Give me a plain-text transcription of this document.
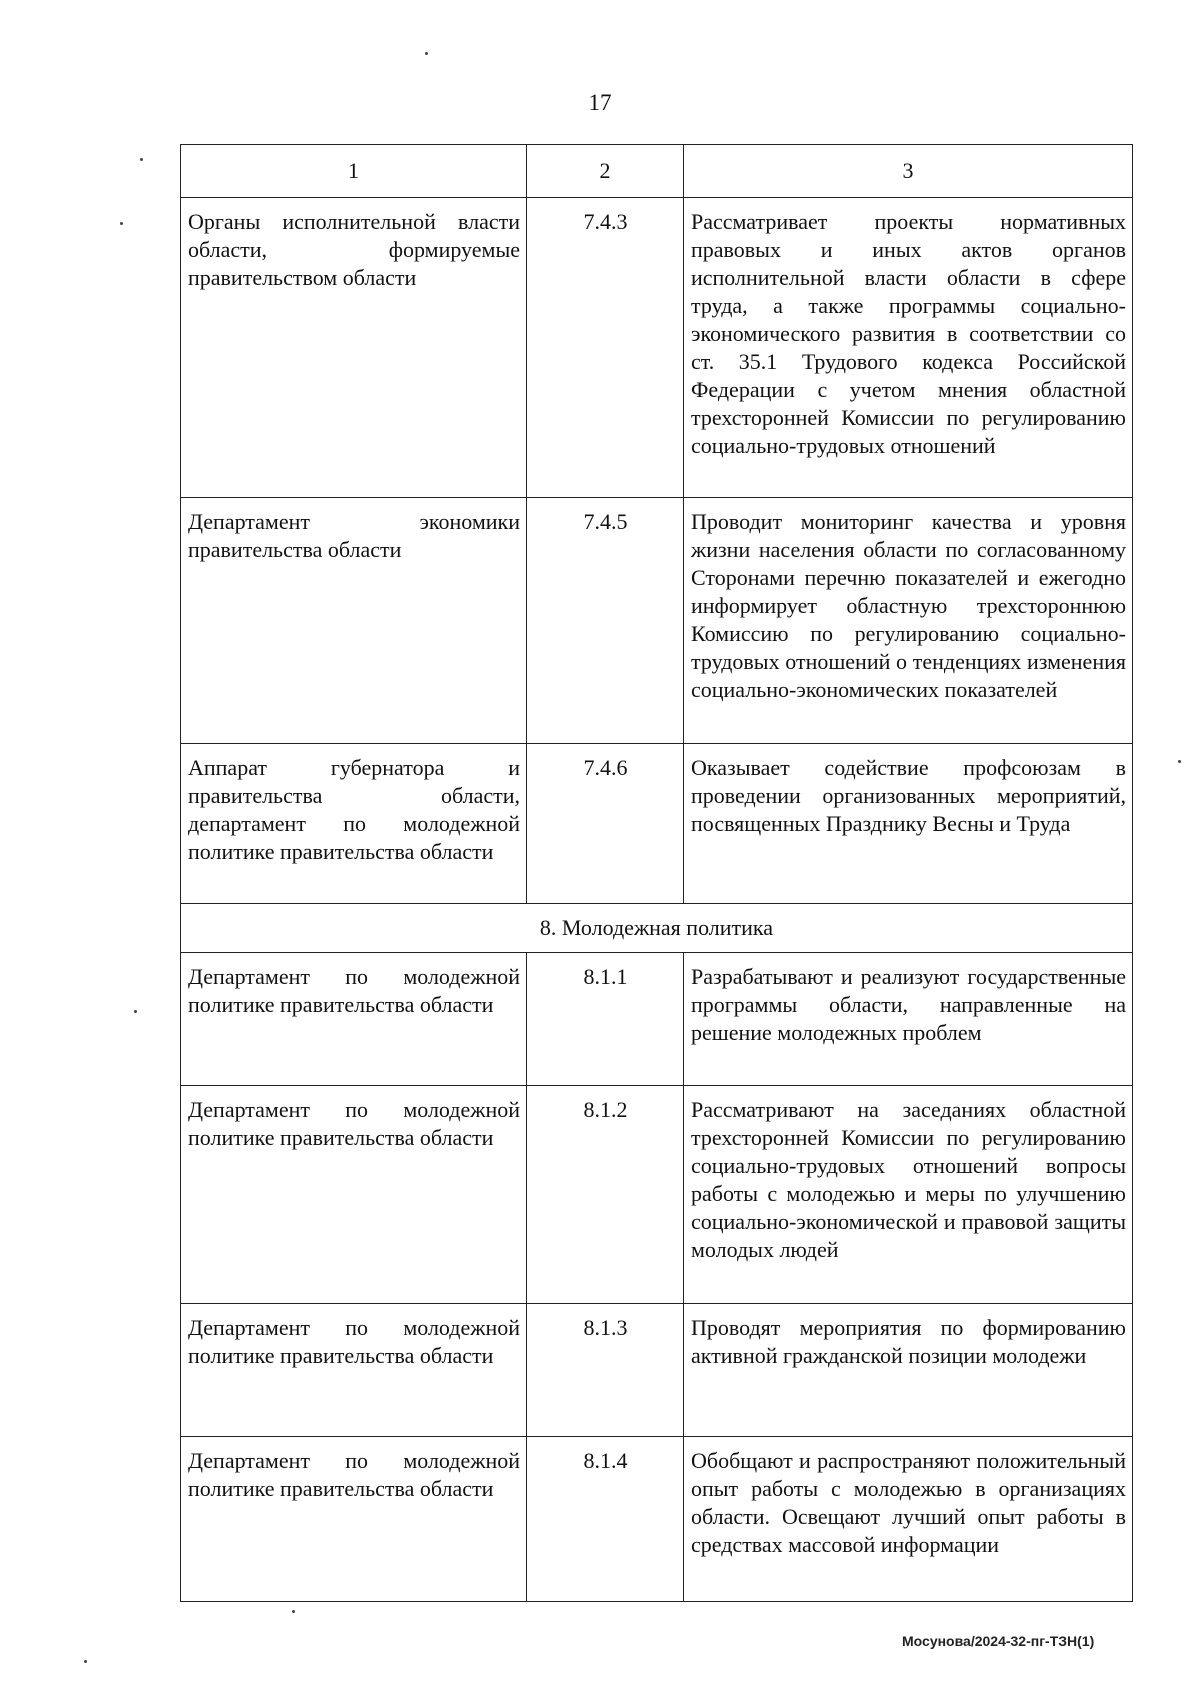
17
1	2	3
Органы исполнительной власти области, формируемые правительством области	7.4.3	Рассматривает проекты нормативных правовых и иных актов органов исполнительной власти области в сфере труда, а также программы социально-экономического развития в соответствии со ст. 35.1 Трудового кодекса Российской Федерации с учетом мнения областной трехсторонней Комиссии по регулированию социально-трудовых отношений
Департамент экономики правительства области	7.4.5	Проводит мониторинг качества и уровня жизни населения области по согласованному Сторонами перечню показателей и ежегодно информирует областную трехстороннюю Комиссию по регулированию социально-трудовых отношений о тенденциях изменения социально-экономических показателей
Аппарат губернатора и правительства области, департамент по молодежной политике правительства области	7.4.6	Оказывает содействие профсоюзам в проведении организованных мероприятий, посвященных Празднику Весны и Труда
8. Молодежная политика		
Департамент по молодежной политике правительства области	8.1.1	Разрабатывают и реализуют государственные программы области, направленные на решение молодежных проблем
Департамент по молодежной политике правительства области	8.1.2	Рассматривают на заседаниях областной трехсторонней Комиссии по регулированию социально-трудовых отношений вопросы работы с молодежью и меры по улучшению социально-экономической и правовой защиты молодых людей
Департамент по молодежной политике правительства области	8.1.3	Проводят мероприятия по формированию активной гражданской позиции молодежи
Департамент по молодежной политике правительства области	8.1.4	Обобщают и распространяют положительный опыт работы с молодежью в организациях области. Освещают лучший опыт работы в средствах массовой информации
Мосунова/2024-32-пг-ТЗН(1)
